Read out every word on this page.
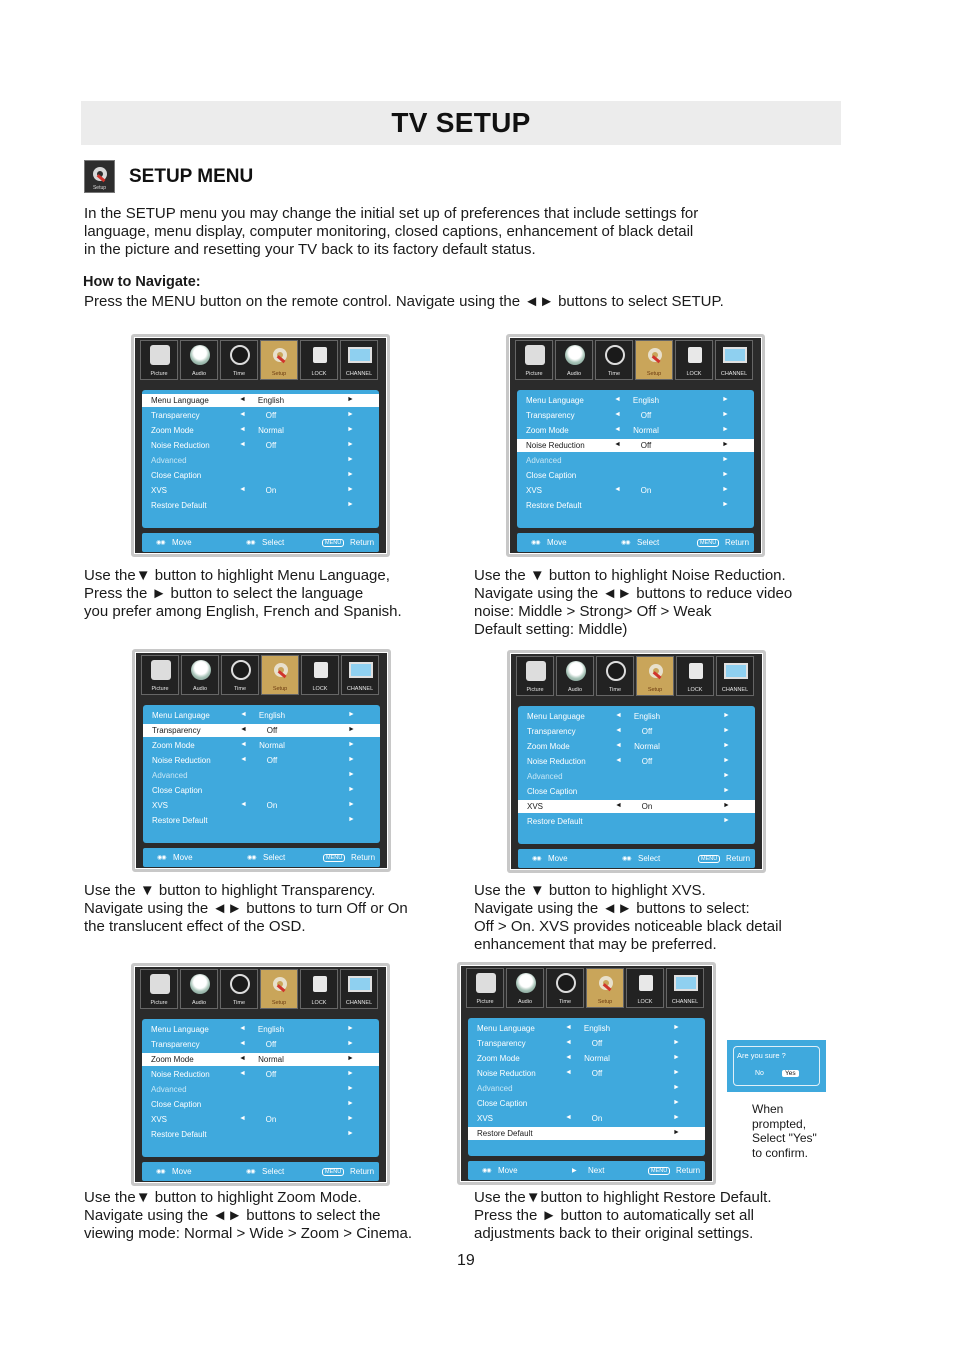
TV SETUP
Setup
SETUP MENU

In the SETUP menu you may change the initial set up of preferences that include settings for

language, menu display, computer monitoring, closed captions, enhancement of black detail

in the picture and resetting your TV back to its factory default status.

How to Navigate:
Press the MENU button on the remote control. Navigate using the ◄► buttons to select SETUP.
Picture	Audio	Time	Setup	LOCK	CHANNEL
Menu Language	◄	English	►
Transparency	◄	Off	►
Zoom Mode	◄	Normal	►
Noise Reduction	◄	Off	►
Advanced	►
Close Caption	►
XVS	◄	On	►
Restore Default	►
◉◉ Move	◉◉ Select	MENU	Return
Picture	Audio	Time	Setup	LOCK	CHANNEL
Menu Language	◄	English	►
Transparency	◄	Off	►
Zoom Mode	◄	Normal	►
Noise Reduction	◄	Off	►
Advanced	►
Close Caption	►
XVS	◄	On	►
Restore Default	►
◉◉ Move	◉◉ Select	MENU	Return
Picture	Audio	Time	Setup	LOCK	CHANNEL
Menu Language	◄	English	►
Transparency	◄	Off	►
Zoom Mode	◄	Normal	►
Noise Reduction	◄	Off	►
Advanced	►
Close Caption	►
XVS	◄	On	►
Restore Default	►
◉◉ Move	◉◉ Select	MENU	Return
Picture	Audio	Time	Setup	LOCK	CHANNEL
Menu Language	◄	English	►
Transparency	◄	Off	►
Zoom Mode	◄	Normal	►
Noise Reduction	◄	Off	►
Advanced	►
Close Caption	►
XVS	◄	On	►
Restore Default	►
◉◉ Move	◉◉ Select	MENU	Return
Picture	Audio	Time	Setup	LOCK	CHANNEL
Menu Language	◄	English	►
Transparency	◄	Off	►
Zoom Mode	◄	Normal	►
Noise Reduction	◄	Off	►
Advanced	►
Close Caption	►
XVS	◄	On	►
Restore Default	►
◉◉ Move	◉◉ Select	MENU	Return
Picture	Audio	Time	Setup	LOCK	CHANNEL
Menu Language	◄	English	►
Transparency	◄	Off	►
Zoom Mode	◄	Normal	►
Noise Reduction	◄	Off	►
Advanced	►
Close Caption	►
XVS	◄	On	►
Restore Default	►
◉◉ Move	▶ Next	MENU	Return

Use the▼ button to highlight Menu Language,

Press the ► button to select the language

you prefer among English, French and Spanish.

Use the ▼ button to highlight Noise Reduction.

Navigate using the ◄► buttons to reduce video

noise: Middle > Strong> Off > Weak

Default setting: Middle)

Use the ▼ button to highlight Transparency.

Navigate using the ◄► buttons to turn Off or On

the translucent effect of the OSD.

Use the ▼ button to highlight XVS.

Navigate using the ◄► buttons to select:

Off > On. XVS provides noticeable black detail

enhancement that may be preferred.

Use the▼ button to highlight Zoom Mode.

Navigate using the ◄► buttons to select the

viewing mode: Normal > Wide > Zoom > Cinema.

Use the▼button to highlight Restore Default.

Press the ► button to automatically set all

adjustments back to their original settings.

Are you sure ?
No	Yes

When

prompted,

Select "Yes"

to confirm.

19
